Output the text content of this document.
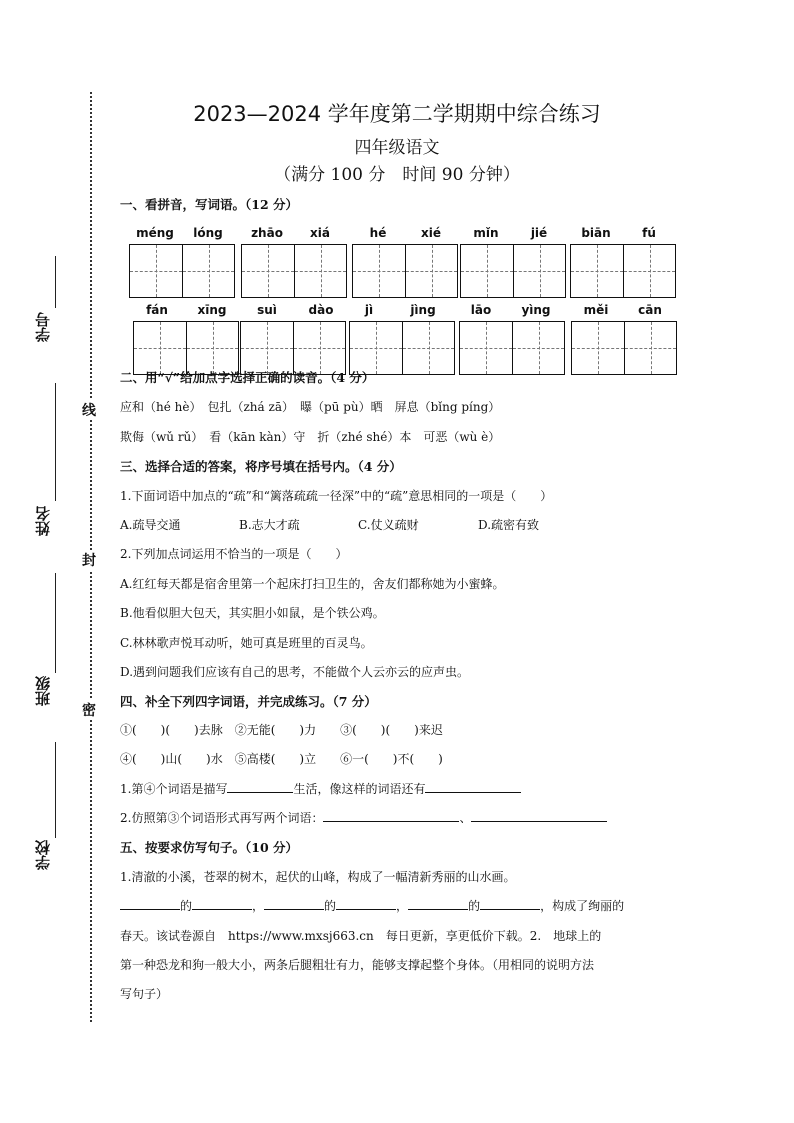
学号
姓名
班级
学校
线
封
密
2023—2024 学年度第二学期期中综合练习
四年级语文
（满分 100 分　时间 90 分钟）
一、看拼音，写词语。（12 分）
méng	lóng	zhāo	xiá	hé	xié	mǐn	jié	biān	fú
fán	xīng	suì	dào	jì	jìng	lāo	yìng	měi	cān
二、用“√”给加点字选择正确的读音。（4 分）
应和（hé hè）　包扎（zhá zā）　曝（pū pù）晒　屏息（bǐng píng）
欺侮（wǔ rǔ）　看（kān kàn）守　折（zhé shé）本　可恶（wù è）
三、选择合适的答案，将序号填在括号内。（4 分）
1.下面词语中加点的“疏”和“篱落疏疏一径深”中的“疏”意思相同的一项是（　　）
A.疏导交通	B.志大才疏	C.仗义疏财	D.疏密有致
2.下列加点词运用不恰当的一项是（　　）
A.红红每天都是宿舍里第一个起床打扫卫生的，舍友们都称她为小蜜蜂。
B.他看似胆大包天，其实胆小如鼠，是个铁公鸡。
C.林林歌声悦耳动听，她可真是班里的百灵鸟。
D.遇到问题我们应该有自己的思考，不能做个人云亦云的应声虫。
四、补全下列四字词语，并完成练习。（7 分）
①(　　)(　　)去脉　②无能(　　)力　　③(　　)(　　)来迟
④(　　)山(　　)水　⑤高楼(　　)立　　⑥一(　　)不(　　)
1.第④个词语是描写	生活，像这样的词语还有
2.仿照第③个词语形式再写两个词语：	、
五、按要求仿写句子。（10 分）
1.清澈的小溪，苍翠的树木，起伏的山峰，构成了一幅清新秀丽的山水画。
的	，	的	，	的	，构成了绚丽的
春天。该试卷源自　https://www.mxsj663.cn　每日更新，享更低价下载。2.　地球上的
第一种恐龙和狗一般大小，两条后腿粗壮有力，能够支撑起整个身体。（用相同的说明方法
写句子）
